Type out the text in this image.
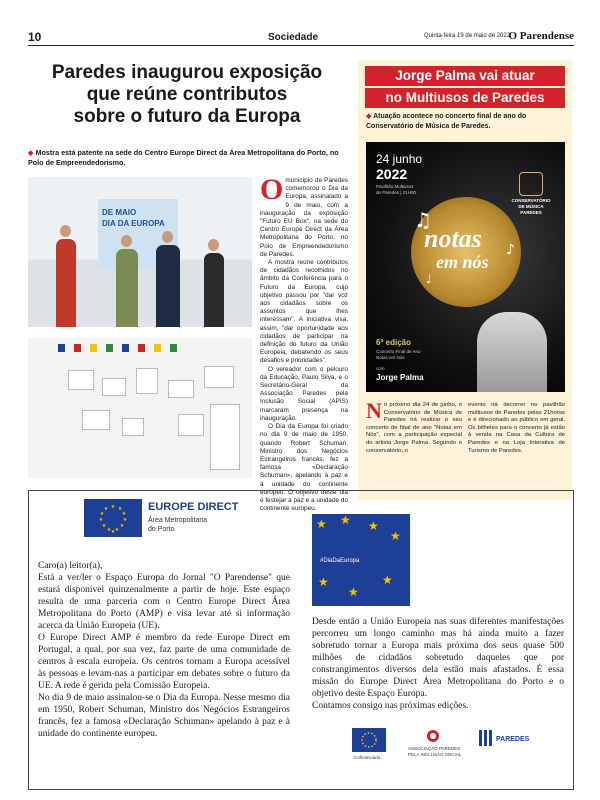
10	Sociedade	Quinta-feira 19 de maio de 2022
O Parendense
Paredes inaugurou exposição
que reúne contributos
sobre o futuro da Europa
◆ Mostra está patente na sede do Centro Europe Direct da Área Metropolitana do Porto, no Polo de Empreendedorismo.
DE MAIO
DIA DA EUROPA
O município de Paredes comemorou o Dia da Europa, assinalado a 9 de maio, com a inauguração da exposição "Futuro EU Box", na sede do Centro Europe Direct da Área Metropolitana do Porto, no Polo de Empreendedorismo de Paredes.

A mostra reúne contributos de cidadãos recolhidos no âmbito da Conferência para o Futuro da Europa, cujo objetivo passou por "dar voz aos cidadãos sobre os assuntos que lhes interessam". A iniciativa visa, assim, "dar oportunidade aos cidadãos de participar na definição do futuro da União Europeia, debatendo os seus desafios e prioridades".

O vereador com o pelouro da Educação, Paulo Silva, e o Secretário-Geral da Associação Paredes pela Inclusão Social (APIS) marcaram presença na inauguração.

O Dia da Europa foi criado no dia 9 de maio de 1950, quando Robert Schuman, Ministro dos Negócios Estrangeiros francês, fez a famosa «Declaração Schuman», apelando à paz e à unidade do continente europeu. O objetivo deste dia é festejar a paz e a unidade do continente europeu.

Jorge Palma vai atuar
no Multiusos de Paredes
◆ Atuação acontece no concerto final de ano do Conservatório de Música de Paredes.
24 junho
2022
Pavilhão Multiusos
de Paredes | 21H00
CONSERVATÓRIO
DE MÚSICA
PAREDES
♫
♪
♩
notas
em nós
6ª edição
Concerto Final de Ano
Notas em Nós
com
Jorge Palma
N o próximo dia 24 de junho, o Conservatório de Música de Paredes irá realizar o seu concerto de final de ano "Notas em Nós", com a participação especial do artista Jorge Palma. Segundo o conservatório, o
evento irá decorrer no pavilhão multiusos de Paredes pelas 21horas e é direcionado ao público em geral. Os bilhetes para o concerto já estão à venda na Casa da Cultura de Paredes e na Loja Interativa de Turismo de Paredes.
★ ★
★
★
★
★
★
★
★
★
★
★
EUROPE DIRECT
Área Metropolitana
do Porto

Caro(a) leitor(a),

Está a ver/ler o Espaço Europa do Jornal "O Parendense" que estará disponível quinzenalmente a partir de hoje. Este espaço resulta de uma parceria com o Centro Europe Direct Área Metropolitana do Porto (AMP) e visa levar até si informação acerca da União Europeia (UE).

O Europe Direct AMP é membro da rede Europe Direct em Portugal, a qual, por sua vez, faz parte de uma comunidade de centros à escala europeia. Os centros tornam a Europa acessível às pessoas e levam-nas a participar em debates sobre o futuro da UE. A rede é gerida pela Comissão Europeia.

No dia 9 de maio assinalou-se o Dia da Europa. Nesse mesmo dia em 1950, Robert Schuman, Ministro dos Negócios Estrangeiros francês, fez a famosa «Declaração Schuman» apelando à paz e à unidade do continente europeu.

★ ★ ★
★
★
★
★
#DiaDaEuropa

Desde então a União Europeia nas suas diferentes manifestações percorreu um longo caminho mas há ainda muito a fazer sobretudo tornar a Europa mais próxima dos seus quase 500 milhões de cidadãos sobretudo daqueles que por constrangimentos diversos dela estão mais afastados. É essa missão do Europe Direct Área Metropolitana do Porto e o objetivo deste Espaço Europa.

Contamos consigo nas próximas edições.

Cofinanciado
ASSOCIAÇÃO PAREDES
PELA INCLUSÃO SOCIAL
PAREDES
